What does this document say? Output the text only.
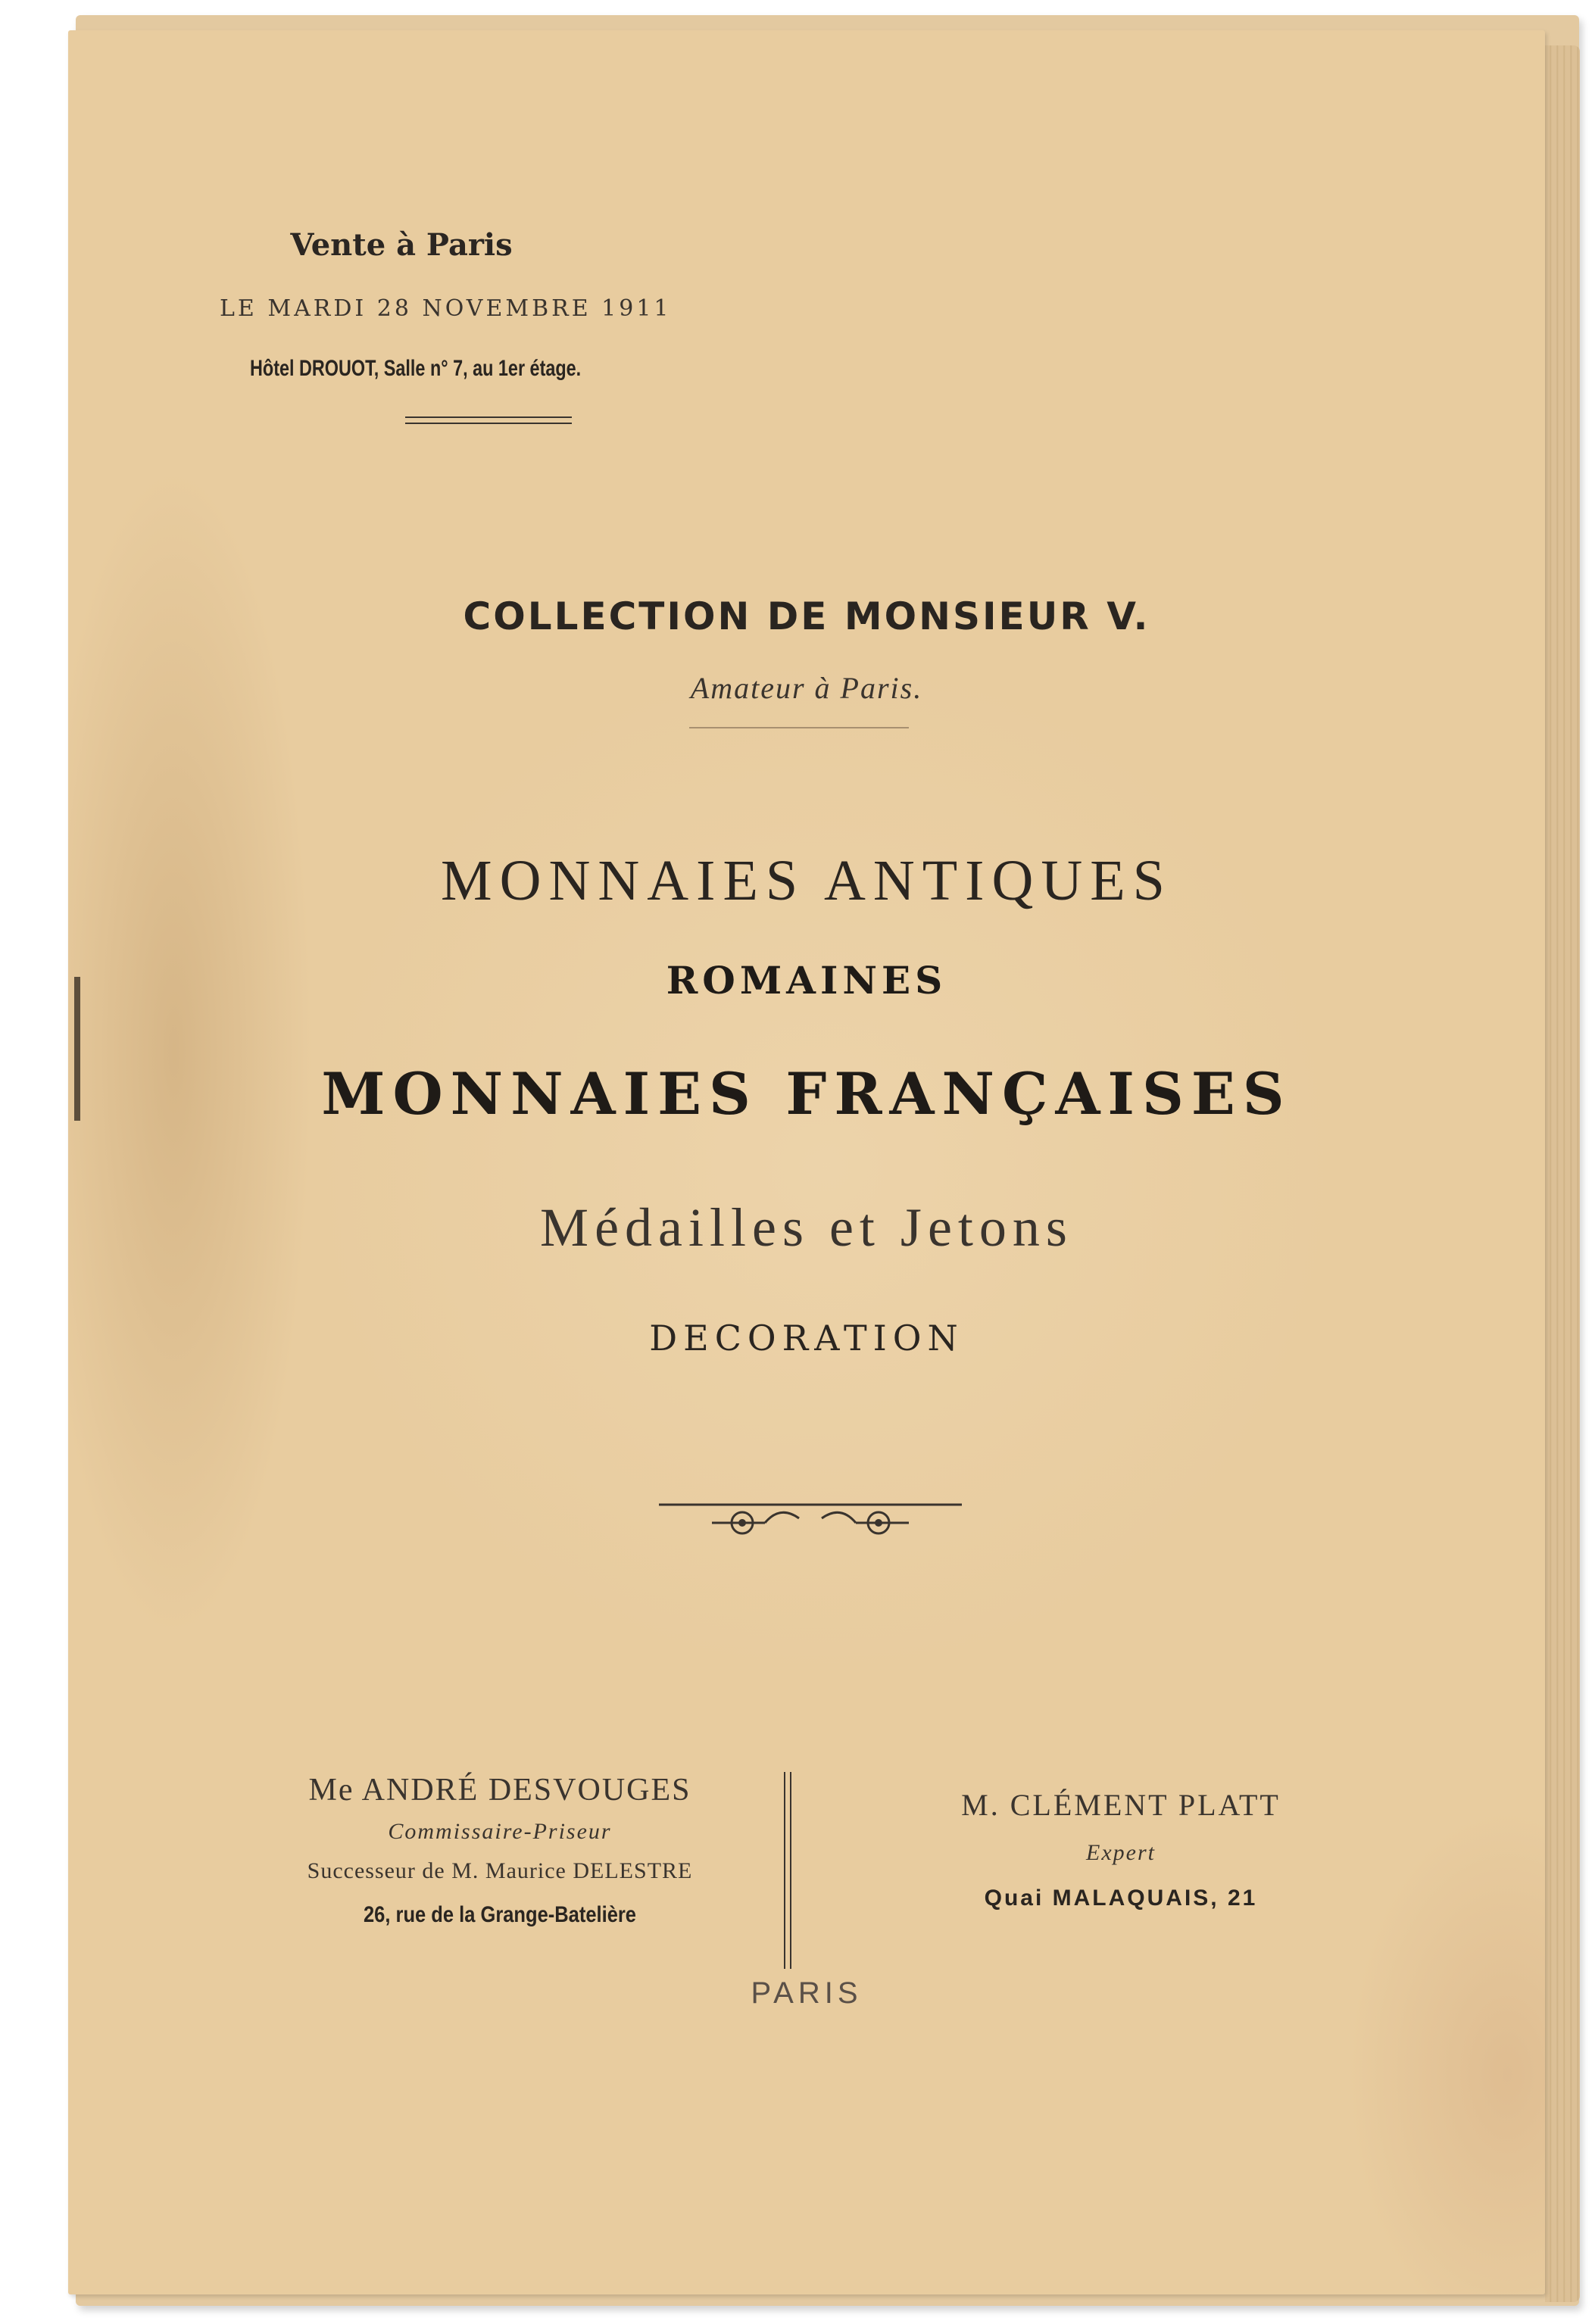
Vente à Paris
LE MARDI 28 NOVEMBRE 1911
Hôtel DROUOT, Salle n° 7, au 1er étage.
COLLECTION DE MONSIEUR V.
Amateur à Paris.
MONNAIES ANTIQUES
ROMAINES
MONNAIES FRANÇAISES
Médailles et Jetons
DECORATION
Me ANDRÉ DESVOUGES
Commissaire-Priseur
Successeur de M. Maurice DELESTRE
26, rue de la Grange-Batelière
M. CLÉMENT PLATT
Expert
Quai MALAQUAIS, 21
PARIS
